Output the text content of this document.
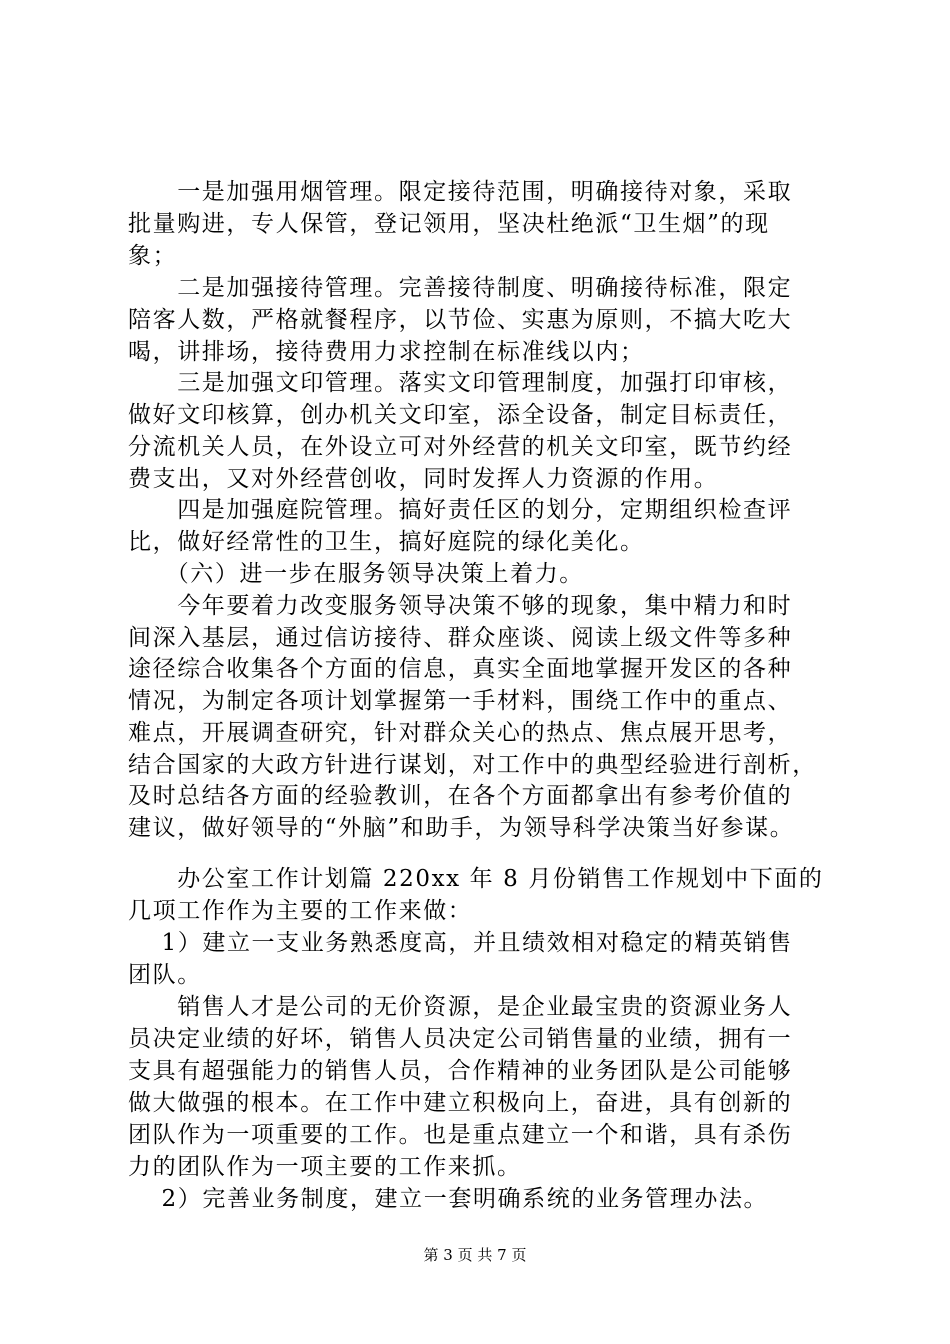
　　一是加强用烟管理。限定接待范围，明确接待对象，采取
批量购进，专人保管，登记领用，坚决杜绝派“卫生烟”的现
象；
　　二是加强接待管理。完善接待制度、明确接待标准，限定
陪客人数，严格就餐程序，以节俭、实惠为原则，不搞大吃大
喝，讲排场，接待费用力求控制在标准线以内；
　　三是加强文印管理。落实文印管理制度，加强打印审核，
做好文印核算，创办机关文印室，添全设备，制定目标责任，
分流机关人员，在外设立可对外经营的机关文印室，既节约经
费支出，又对外经营创收，同时发挥人力资源的作用。
　　四是加强庭院管理。搞好责任区的划分，定期组织检查评
比，做好经常性的卫生，搞好庭院的绿化美化。
　　（六）进一步在服务领导决策上着力。
　　今年要着力改变服务领导决策不够的现象，集中精力和时
间深入基层，通过信访接待、群众座谈、阅读上级文件等多种
途径综合收集各个方面的信息，真实全面地掌握开发区的各种
情况，为制定各项计划掌握第一手材料，围绕工作中的重点、
难点，开展调查研究，针对群众关心的热点、焦点展开思考，
结合国家的大政方针进行谋划，对工作中的典型经验进行剖析，
及时总结各方面的经验教训，在各个方面都拿出有参考价值的
建议，做好领导的“外脑”和助手，为领导科学决策当好参谋。
　　办公室工作计划篇 220xx 年 8 月份销售工作规划中下面的
几项工作作为主要的工作来做：
　 1）建立一支业务熟悉度高，并且绩效相对稳定的精英销售
团队。
　　销售人才是公司的无价资源，是企业最宝贵的资源业务人
员决定业绩的好坏，销售人员决定公司销售量的业绩，拥有一
支具有超强能力的销售人员，合作精神的业务团队是公司能够
做大做强的根本。在工作中建立积极向上，奋进，具有创新的
团队作为一项重要的工作。也是重点建立一个和谐，具有杀伤
力的团队作为一项主要的工作来抓。
　 2）完善业务制度，建立一套明确系统的业务管理办法。
第 3 页 共 7 页
